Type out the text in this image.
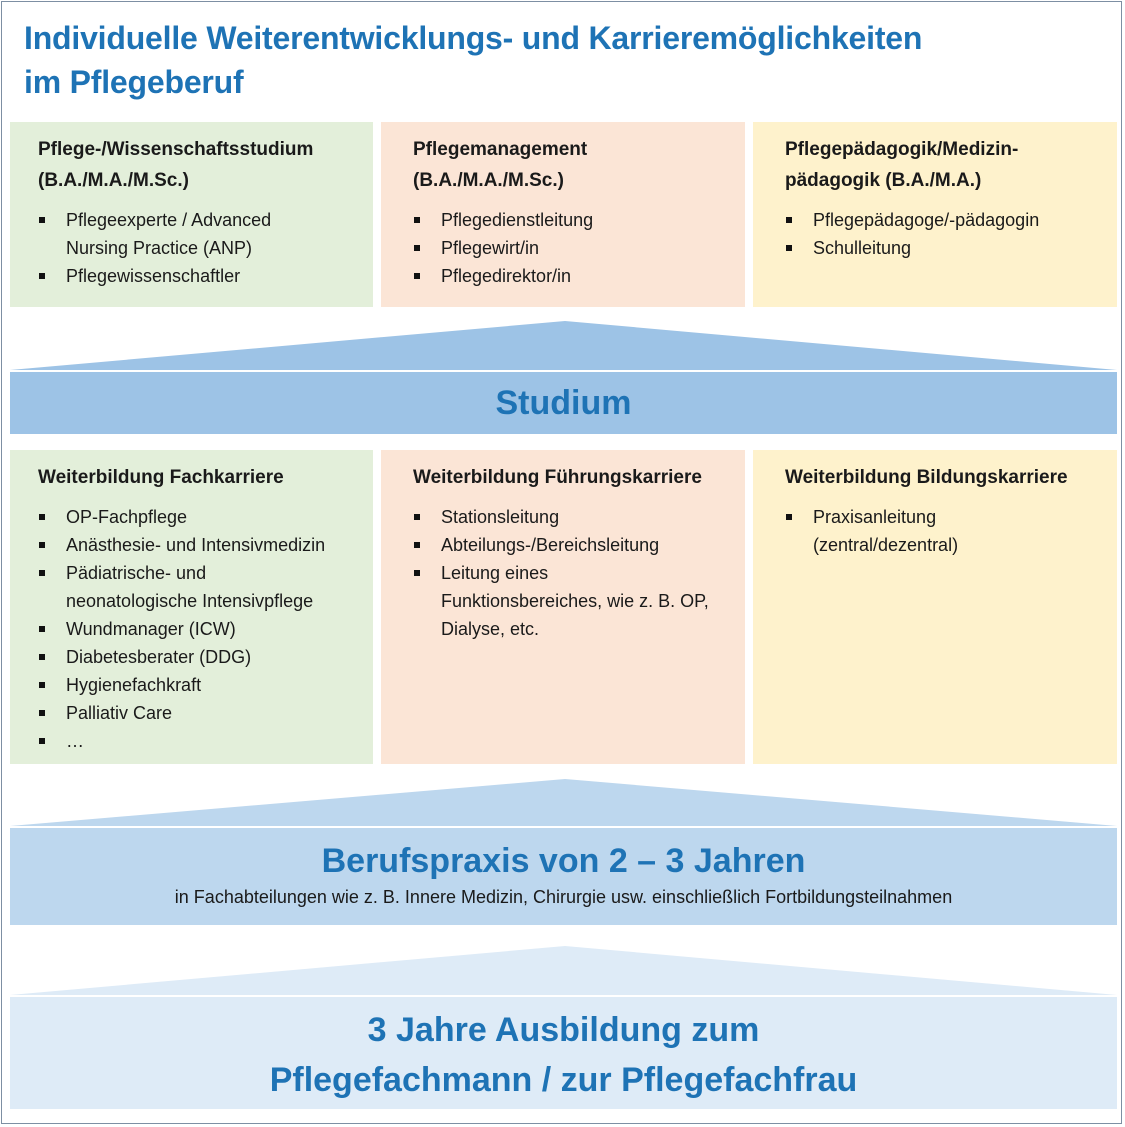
Individuelle Weiterentwicklungs- und Karrieremöglichkeiten
im Pflegeberuf
Pflege-/Wissenschaftsstudium
(B.A./M.A./M.Sc.)
Pflegeexperte / Advanced
Nursing Practice (ANP)
Pflegewissenschaftler
Pflegemanagement
(B.A./M.A./M.Sc.)
Pflegedienstleitung
Pflegewirt/in
Pflegedirektor/in
Pflegepädagogik/Medizin-
pädagogik (B.A./M.A.)
Pflegepädagoge/-pädagogin
Schulleitung
Studium
Weiterbildung Fachkarriere
OP-Fachpflege
Anästhesie- und Intensivmedizin
Pädiatrische- und
neonatologische Intensivpflege
Wundmanager (ICW)
Diabetesberater (DDG)
Hygienefachkraft
Palliativ Care
…
Weiterbildung Führungskarriere
Stationsleitung
Abteilungs-/Bereichsleitung
Leitung eines
Funktionsbereiches, wie z. B. OP,
Dialyse, etc.
Weiterbildung Bildungskarriere
Praxisanleitung
(zentral/dezentral)
Berufspraxis von 2 – 3 Jahren
in Fachabteilungen wie z. B. Innere Medizin, Chirurgie usw. einschließlich Fortbildungsteilnahmen
3 Jahre Ausbildung zum
Pflegefachmann / zur Pflegefachfrau
